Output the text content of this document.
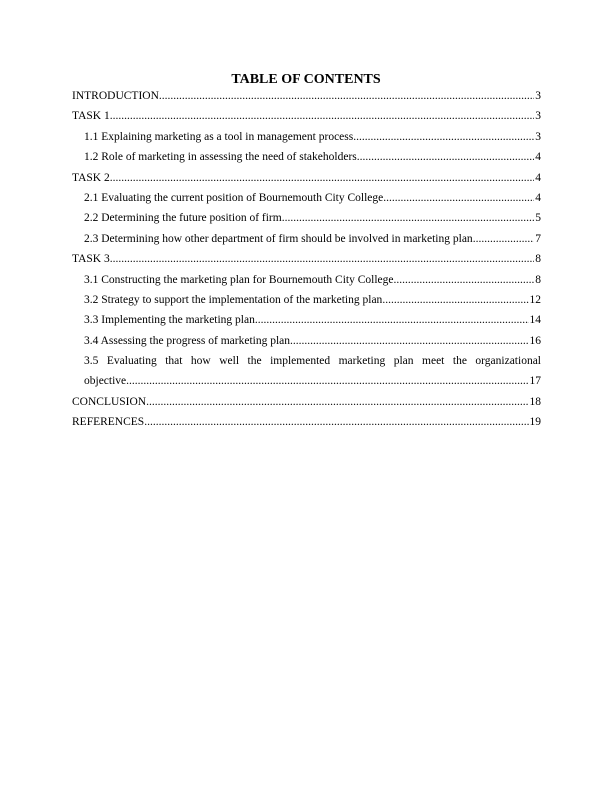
TABLE OF CONTENTS
INTRODUCTION .....	3
TASK 1 .....	3
1.1 Explaining marketing as a tool in management process .....	3
1.2 Role of marketing in assessing the need of stakeholders .....	4
TASK 2 .....	4
2.1 Evaluating the current position of Bournemouth City College .....	4
2.2 Determining the future position of firm .....	5
2.3 Determining how other department of firm should be involved in marketing plan .....	7
TASK 3 .....	8
3.1 Constructing the marketing plan for Bournemouth City College .....	8
3.2 Strategy to support the implementation of the marketing plan .....	12
3.3 Implementing the marketing plan .....	14
3.4 Assessing the progress of marketing plan .....	16
3.5 Evaluating that how well the implemented marketing plan meet the organizational
objective .....	17
CONCLUSION .....	18
REFERENCES .....	19
